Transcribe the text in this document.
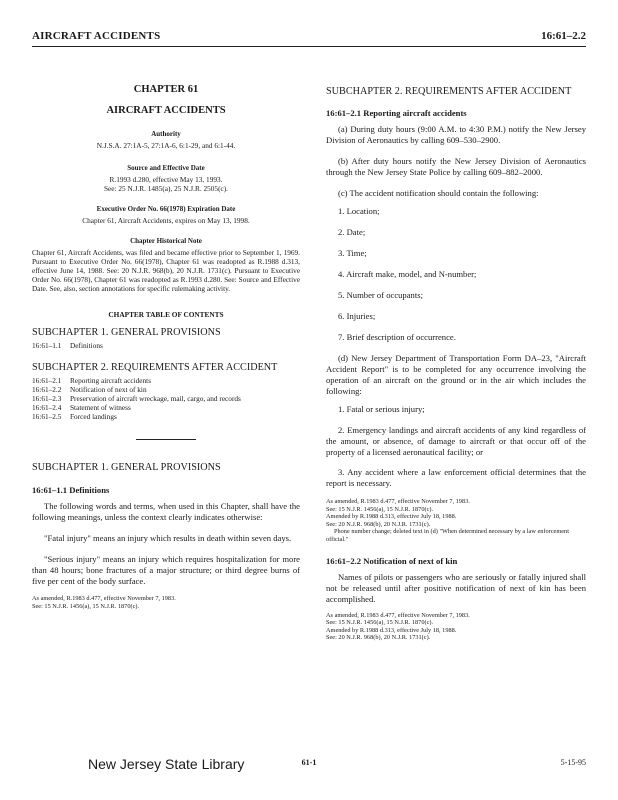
AIRCRAFT ACCIDENTS	16:61–2.2
CHAPTER 61
AIRCRAFT ACCIDENTS
Authority
N.J.S.A. 27:1A-5, 27:1A-6, 6:1-29, and 6:1-44.
Source and Effective Date

R.1993 d.280, effective May 13, 1993.

See: 25 N.J.R. 1485(a), 25 N.J.R. 2505(c).

Executive Order No. 66(1978) Expiration Date
Chapter 61, Aircraft Accidents, expires on May 13, 1998.
Chapter Historical Note
Chapter 61, Aircraft Accidents, was filed and became effective prior to September 1, 1969. Pursuant to Executive Order No. 66(1978), Chapter 61 was readopted as R.1988 d.313, effective June 14, 1988. See: 20 N.J.R. 968(b), 20 N.J.R. 1731(c). Pursuant to Executive Order No. 66(1978), Chapter 61 was readopted as R.1993 d.280. See: Source and Effective Date. See, also, section annotations for specific rulemaking activity.
CHAPTER TABLE OF CONTENTS
SUBCHAPTER 1. GENERAL PROVISIONS
16:61–1.1	Definitions
SUBCHAPTER 2. REQUIREMENTS AFTER ACCIDENT
16:61–2.1	Reporting aircraft accidents
16:61–2.2	Notification of next of kin
16:61–2.3	Preservation of aircraft wreckage, mail, cargo, and records
16:61–2.4	Statement of witness
16:61–2.5	Forced landings
SUBCHAPTER 1. GENERAL PROVISIONS
16:61–1.1 Definitions

The following words and terms, when used in this Chapter, shall have the following meanings, unless the context clearly indicates otherwise:

"Fatal injury" means an injury which results in death within seven days.

"Serious injury" means an injury which requires hospitalization for more than 48 hours; bone fractures of a major structure; or third degree burns of five per cent of the body surface.

As amended, R.1983 d.477, effective November 7, 1983.

See: 15 N.J.R. 1456(a), 15 N.J.R. 1870(c).

SUBCHAPTER 2. REQUIREMENTS AFTER ACCIDENT
16:61–2.1 Reporting aircraft accidents

(a) During duty hours (9:00 A.M. to 4:30 P.M.) notify the New Jersey Division of Aeronautics by calling 609–530–2900.

(b) After duty hours notify the New Jersey Division of Aeronautics through the New Jersey State Police by calling 609–882–2000.

(c) The accident notification should contain the following:

1. Location;
2. Date;
3. Time;
4. Aircraft make, model, and N-number;
5. Number of occupants;
6. Injuries;
7. Brief description of occurrence.

(d) New Jersey Department of Transportation Form DA–23, "Aircraft Accident Report" is to be completed for any occurrence involving the operation of an aircraft on the ground or in the air which includes the following:

1. Fatal or serious injury;

2. Emergency landings and aircraft accidents of any kind regardless of the amount, or absence, of damage to aircraft or that occur off of the property of a licensed aeronautical facility; or

3. Any accident where a law enforcement official determines that the report is necessary.

As amended, R.1983 d.477, effective November 7, 1983.

See: 15 N.J.R. 1456(a), 15 N.J.R. 1870(c).

Amended by R.1988 d.313, effective July 18, 1988.

See: 20 N.J.R. 968(b), 20 N.J.R. 1731(c).

Phone number change; deleted text in (d) "When determined necessary by a law enforcement official."

16:61–2.2 Notification of next of kin

Names of pilots or passengers who are seriously or fatally injured shall not be released until after positive notification of next of kin has been accomplished.

As amended, R.1983 d.477, effective November 7, 1983.

See: 15 N.J.R. 1456(a), 15 N.J.R. 1870(c).

Amended by R.1988 d.313, effective July 18, 1988.

See: 20 N.J.R. 968(b), 20 N.J.R. 1731(c).

New Jersey State Library	61-1	5-15-95
